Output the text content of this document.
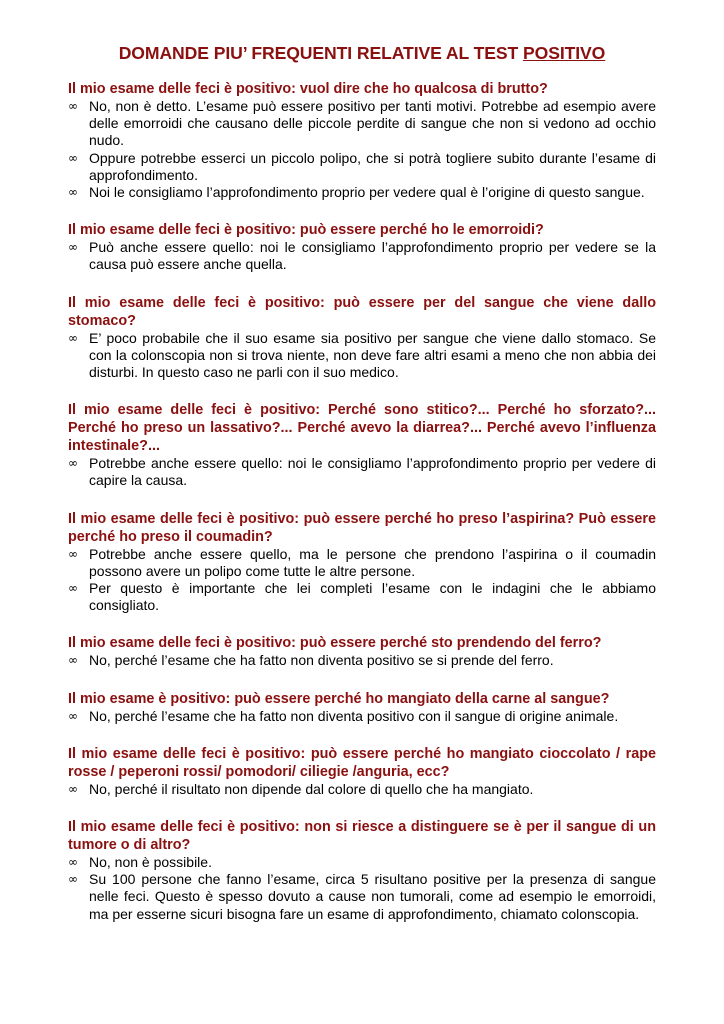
DOMANDE PIU’ FREQUENTI RELATIVE AL TEST POSITIVO

Il mio esame delle feci è positivo: vuol dire che ho qualcosa di brutto?

∞ No, non è detto. L’esame può essere positivo per tanti motivi. Potrebbe ad esempio avere delle emorroidi che causano delle piccole perdite di sangue che non si vedono ad occhio nudo.
∞ Oppure potrebbe esserci un piccolo polipo, che si potrà togliere subito durante l’esame di approfondimento.
∞ Noi le consigliamo l’approfondimento proprio per vedere qual è l’origine di questo sangue.

Il mio esame delle feci è positivo: può essere perché ho le emorroidi?

∞ Può anche essere quello: noi le consigliamo l’approfondimento proprio per vedere se la causa può essere anche quella.

Il mio esame delle feci è positivo: può essere per del sangue che viene dallo stomaco?

∞ E’ poco probabile che il suo esame sia positivo per sangue che viene dallo stomaco. Se con la colonscopia non si trova niente, non deve fare altri esami a meno che non abbia dei disturbi. In questo caso ne parli con il suo medico.

Il mio esame delle feci è positivo: Perché sono stitico?... Perché ho sforzato?... Perché ho preso un lassativo?... Perché avevo la diarrea?... Perché avevo l’influenza intestinale?...

∞ Potrebbe anche essere quello: noi le consigliamo l’approfondimento proprio per vedere di capire la causa.

Il mio esame delle feci è positivo: può essere perché ho preso l’aspirina? Può essere perché ho preso il coumadin?

∞ Potrebbe anche essere quello, ma le persone che prendono l’aspirina o il coumadin possono avere un polipo come tutte le altre persone.
∞ Per questo è importante che lei completi l’esame con le indagini che le abbiamo consigliato.

Il mio esame delle feci è positivo: può essere perché sto prendendo del ferro?

∞ No, perché l’esame che ha fatto non diventa positivo se si prende del ferro.

Il mio esame è positivo: può essere perché ho mangiato della carne al sangue?

∞ No, perché l’esame che ha fatto non diventa positivo con il sangue di origine animale.

Il mio esame delle feci è positivo: può essere perché ho mangiato cioccolato / rape rosse / peperoni rossi/ pomodori/ ciliegie /anguria, ecc?

∞ No, perché il risultato non dipende dal colore di quello che ha mangiato.

Il mio esame delle feci è positivo: non si riesce a distinguere se è per il sangue di un tumore o di altro?

∞ No, non è possibile.
∞ Su 100 persone che fanno l’esame, circa 5 risultano positive per la presenza di sangue nelle feci. Questo è spesso dovuto a cause non tumorali, come ad esempio le emorroidi, ma per esserne sicuri bisogna fare un esame di approfondimento, chiamato colonscopia.
